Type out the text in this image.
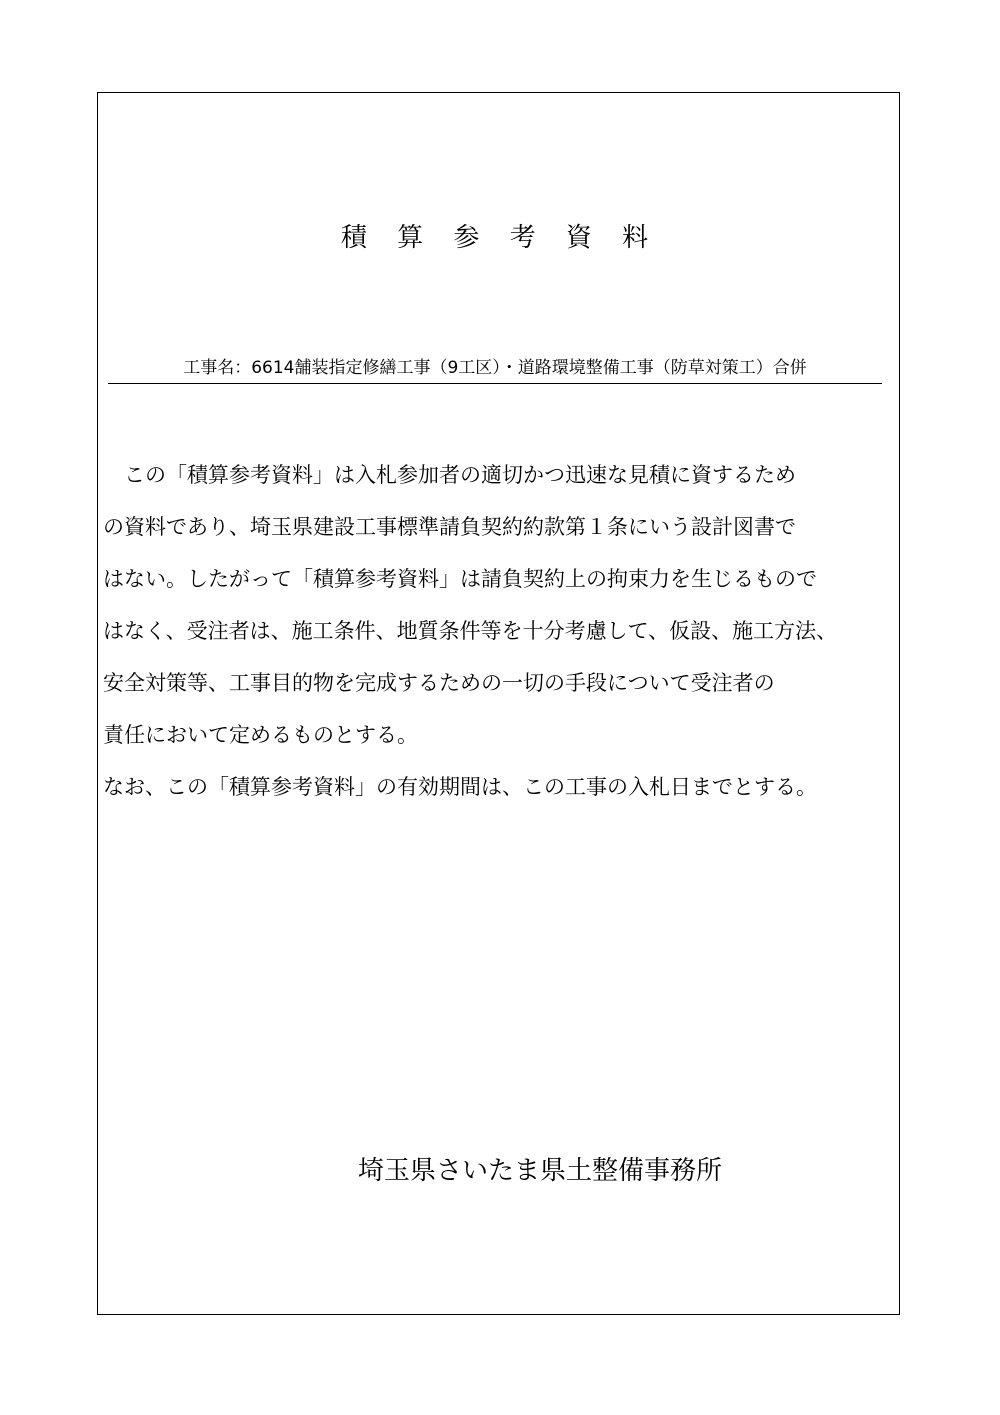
積 算 参 考 資 料
工事名：6614舗装指定修繕工事（9工区）・道路環境整備工事（防草対策工）合併
　この「積算参考資料」は入札参加者の適切かつ迅速な見積に資するため
の資料であり、埼玉県建設工事標準請負契約約款第１条にいう設計図書で
はない。したがって「積算参考資料」は請負契約上の拘束力を生じるもので
はなく、受注者は、施工条件、地質条件等を十分考慮して、仮設、施工方法、
安全対策等、工事目的物を完成するための一切の手段について受注者の
責任において定めるものとする。
なお、この「積算参考資料」の有効期間は、この工事の入札日までとする。
埼玉県さいたま県土整備事務所
